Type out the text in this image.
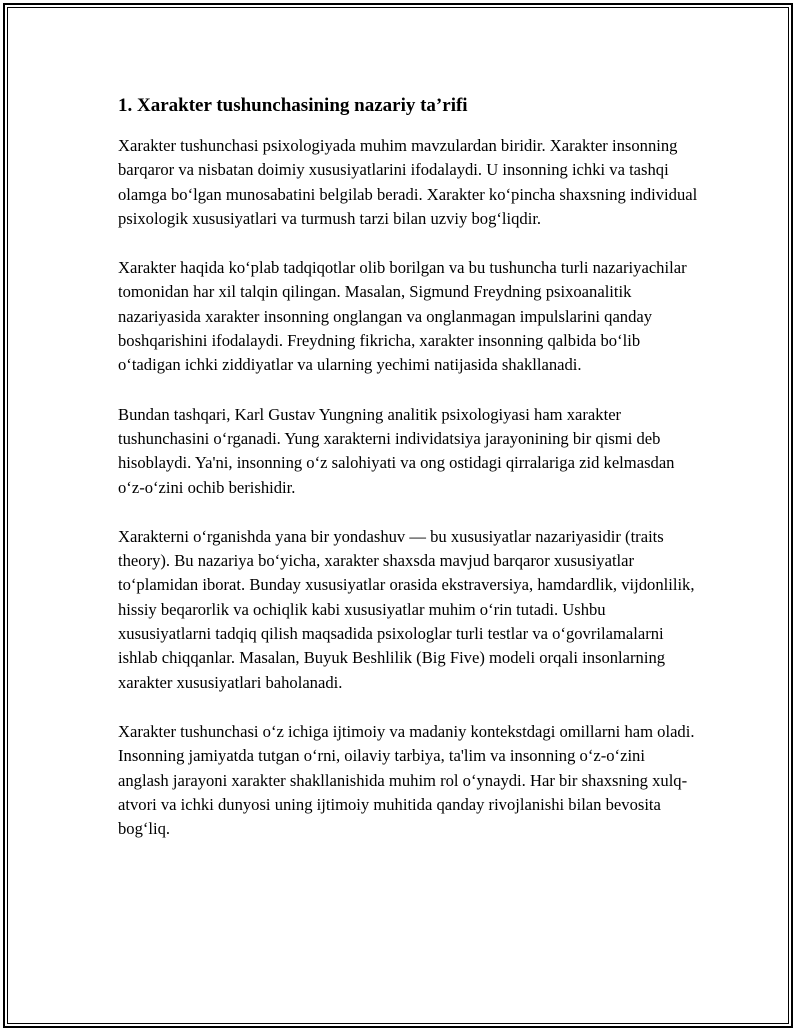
1. Xarakter tushunchasining nazariy ta’rifi

Xarakter tushunchasi psixologiyada muhim mavzulardan biridir. Xarakter insonning barqaror va nisbatan doimiy xususiyatlarini ifodalaydi. U insonning ichki va tashqi olamga boʻlgan munosabatini belgilab beradi. Xarakter koʻpincha shaxsning individual psixologik xususiyatlari va turmush tarzi bilan uzviy bogʻliqdir.

Xarakter haqida koʻplab tadqiqotlar olib borilgan va bu tushuncha turli nazariyachilar tomonidan har xil talqin qilingan. Masalan, Sigmund Freydning psixoanalitik nazariyasida xarakter insonning onglangan va onglanmagan impulslarini qanday boshqarishini ifodalaydi. Freydning fikricha, xarakter insonning qalbida boʻlib oʻtadigan ichki ziddiyatlar va ularning yechimi natijasida shakllanadi.

Bundan tashqari, Karl Gustav Yungning analitik psixologiyasi ham xarakter tushunchasini oʻrganadi. Yung xarakterni individatsiya jarayonining bir qismi deb hisoblaydi. Ya'ni, insonning oʻz salohiyati va ong ostidagi qirralariga zid kelmasdan oʻz-oʻzini ochib berishidir.

Xarakterni oʻrganishda yana bir yondashuv — bu xususiyatlar nazariyasidir (traits theory). Bu nazariya boʻyicha, xarakter shaxsda mavjud barqaror xususiyatlar toʻplamidan iborat. Bunday xususiyatlar orasida ekstraversiya, hamdardlik, vijdonlilik, hissiy beqarorlik va ochiqlik kabi xususiyatlar muhim oʻrin tutadi. Ushbu xususiyatlarni tadqiq qilish maqsadida psixologlar turli testlar va oʻgovrilamalarni ishlab chiqqanlar. Masalan, Buyuk Beshlilik (Big Five) modeli orqali insonlarning xarakter xususiyatlari baholanadi.

Xarakter tushunchasi oʻz ichiga ijtimoiy va madaniy kontekstdagi omillarni ham oladi. Insonning jamiyatda tutgan oʻrni, oilaviy tarbiya, ta'lim va insonning oʻz-oʻzini anglash jarayoni xarakter shakllanishida muhim rol oʻynaydi. Har bir shaxsning xulq-atvori va ichki dunyosi uning ijtimoiy muhitida qanday rivojlanishi bilan bevosita bogʻliq.
